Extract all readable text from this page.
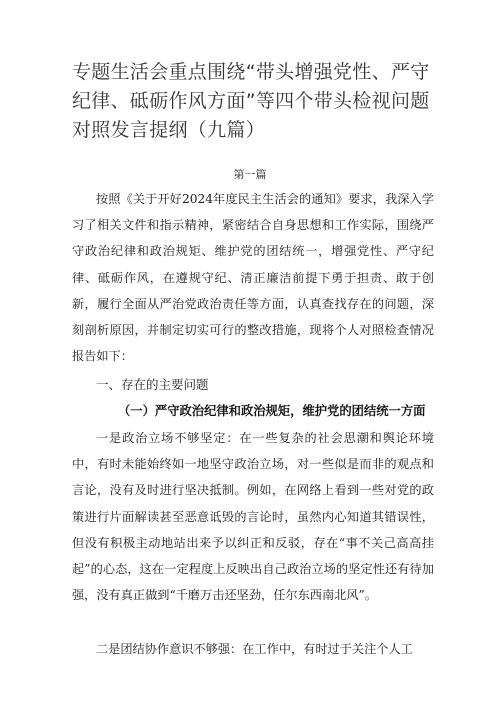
专题生活会重点围绕“带头增强党性、严守纪律、砥砺作风方面”等四个带头检视问题对照发言提纲（九篇）
第一篇
按照《关于开好2024年度民主生活会的通知》要求，我深入学习了相关文件和指示精神，紧密结合自身思想和工作实际，围绕严守政治纪律和政治规矩、维护党的团结统一，增强党性、严守纪律、砥砺作风，在遵规守纪、清正廉洁前提下勇于担责、敢于创新，履行全面从严治党政治责任等方面，认真查找存在的问题，深刻剖析原因，并制定切实可行的整改措施，现将个人对照检查情况报告如下：
一、存在的主要问题
（一）严守政治纪律和政治规矩，维护党的团结统一方面
一是政治立场不够坚定：在一些复杂的社会思潮和舆论环境中，有时未能始终如一地坚守政治立场，对一些似是而非的观点和言论，没有及时进行坚决抵制。例如，在网络上看到一些对党的政策进行片面解读甚至恶意诋毁的言论时，虽然内心知道其错误性，但没有积极主动地站出来予以纠正和反驳，存在“事不关己高高挂起”的心态，这在一定程度上反映出自己政治立场的坚定性还有待加强，没有真正做到“千磨万击还坚劲，任尔东西南北风”。
二是团结协作意识不够强：在工作中，有时过于关注个人工
